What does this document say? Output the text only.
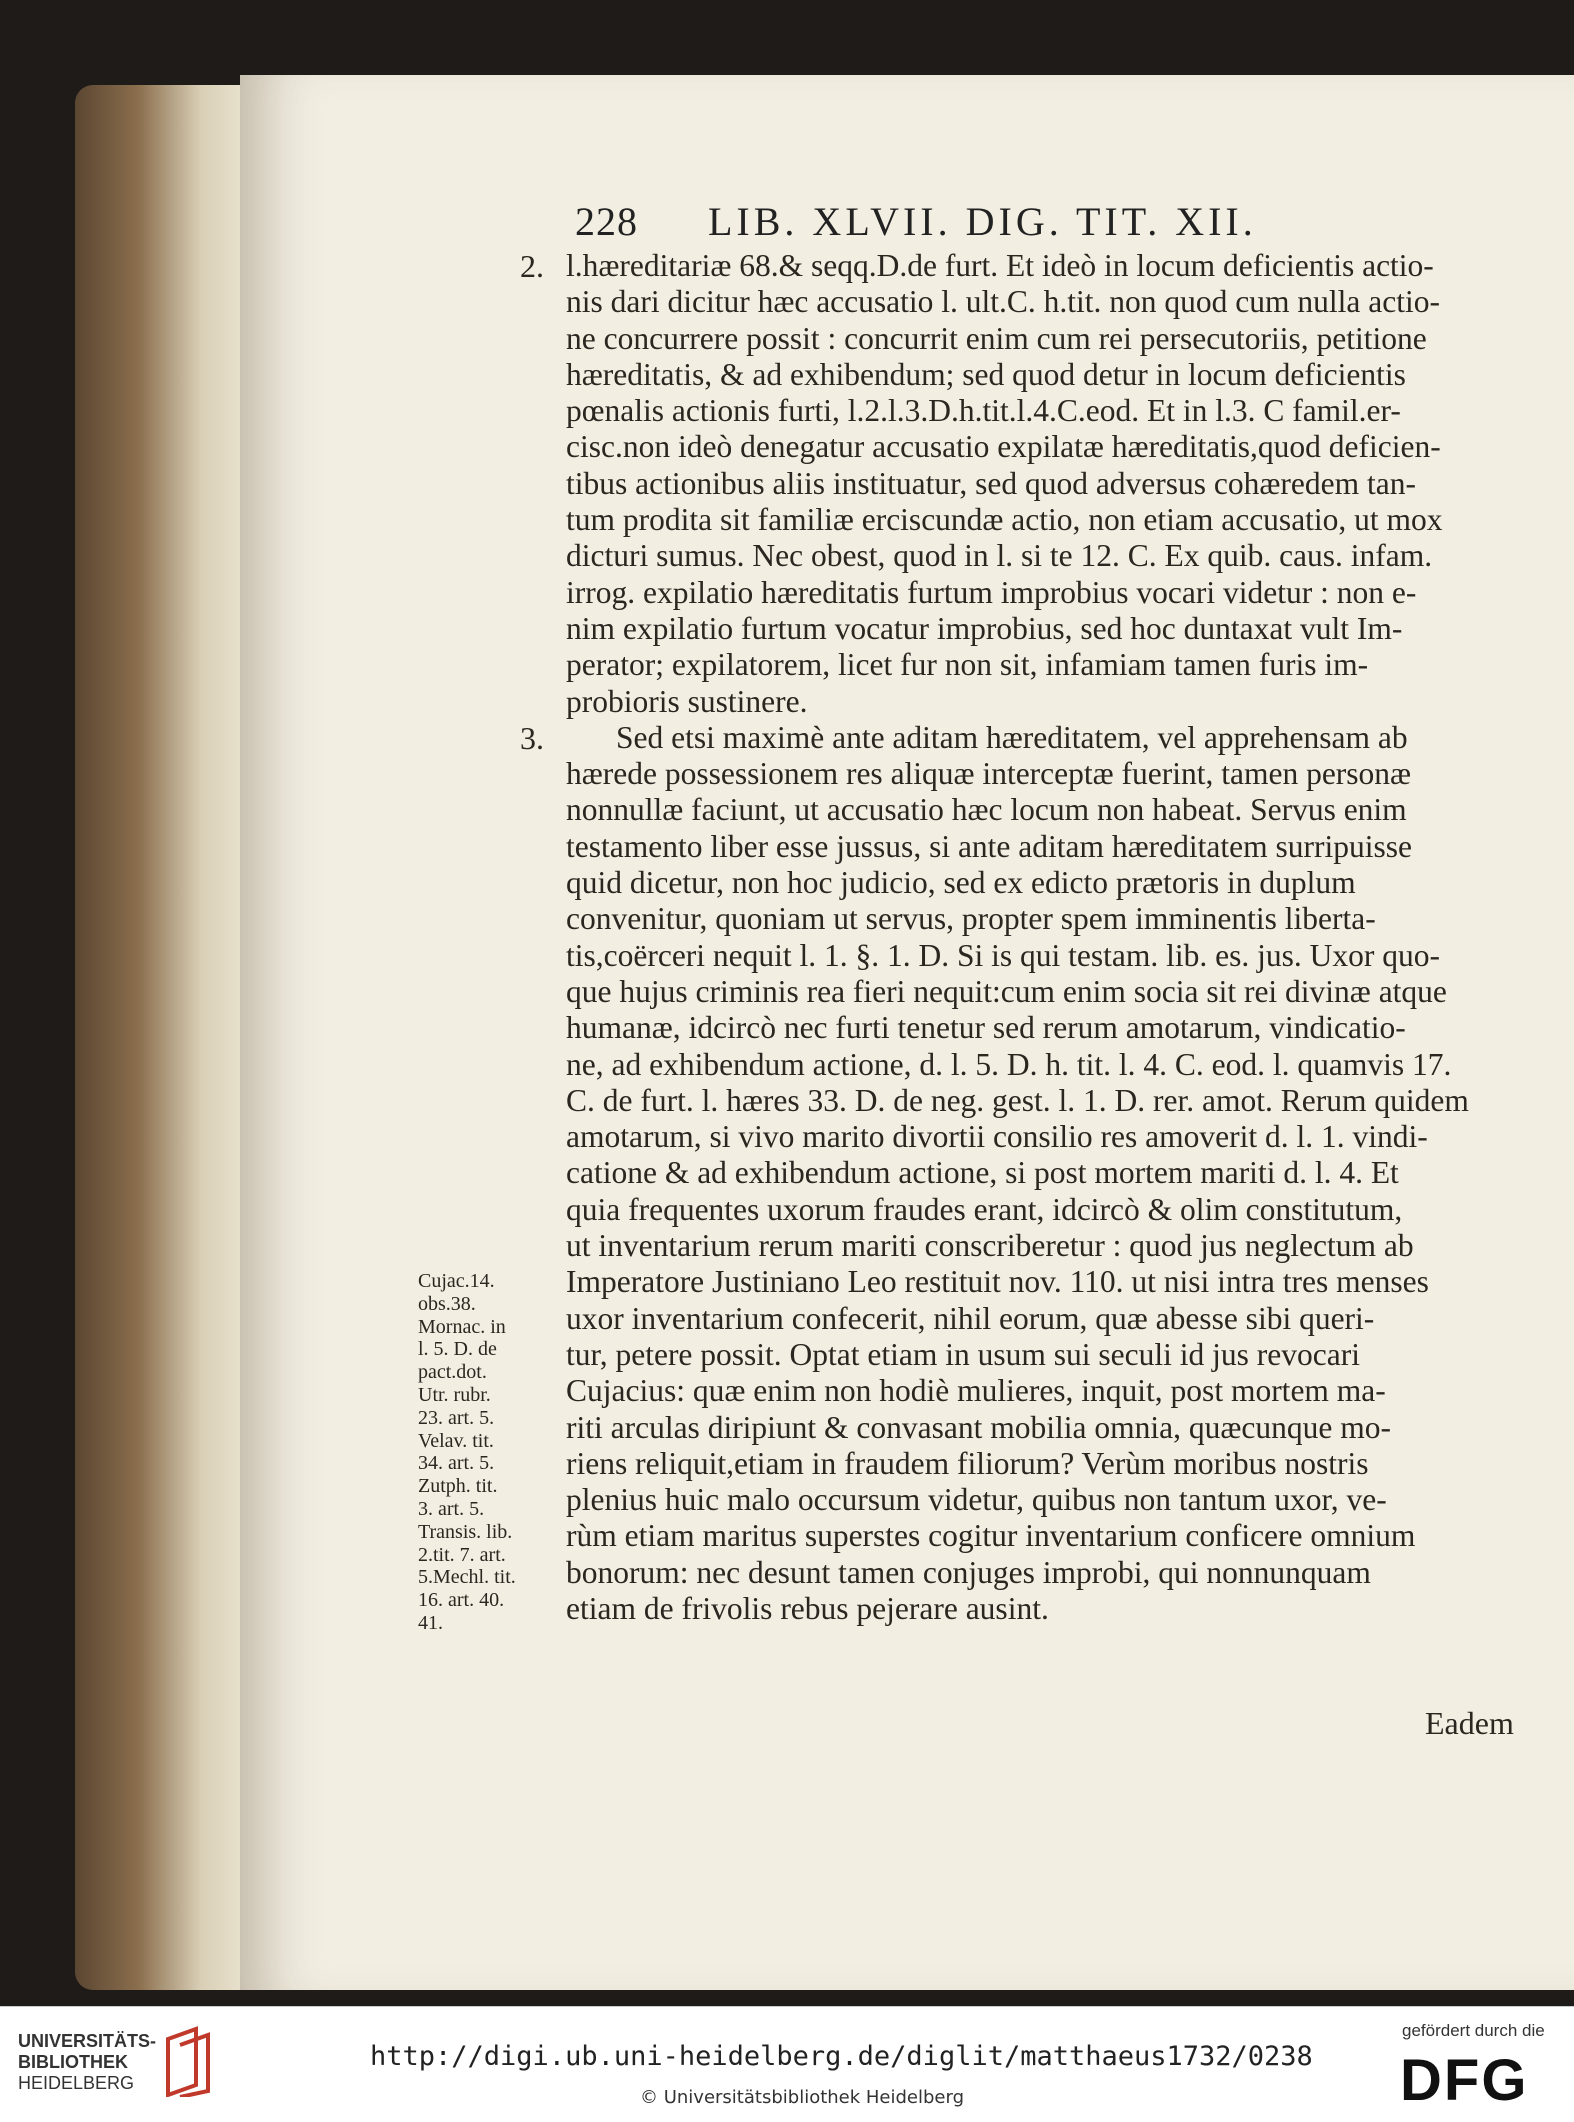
228 LIB. XLVII. DIG. TIT. XII.
2.
3.
l.hæreditariæ 68.& seqq.D.de furt. Et ideò in locum deficientis actio-
nis dari dicitur hæc accusatio l. ult.C. h.tit. non quod cum nulla actio-
ne concurrere possit : concurrit enim cum rei persecutoriis, petitione
hæreditatis, & ad exhibendum; sed quod detur in locum deficientis
pœnalis actionis furti, l.2.l.3.D.h.tit.l.4.C.eod. Et in l.3. C famil.er-
cisc.non ideò denegatur accusatio expilatæ hæreditatis,quod deficien-
tibus actionibus aliis instituatur, sed quod adversus cohæredem tan-
tum prodita sit familiæ erciscundæ actio, non etiam accusatio, ut mox
dicturi sumus. Nec obest, quod in l. si te 12. C. Ex quib. caus. infam.
irrog. expilatio hæreditatis furtum improbius vocari videtur : non e-
nim expilatio furtum vocatur improbius, sed hoc duntaxat vult Im-
perator; expilatorem, licet fur non sit, infamiam tamen furis im-
probioris sustinere.
Sed etsi maximè ante aditam hæreditatem, vel apprehensam ab
hærede possessionem res aliquæ interceptæ fuerint, tamen personæ
nonnullæ faciunt, ut accusatio hæc locum non habeat. Servus enim
testamento liber esse jussus, si ante aditam hæreditatem surripuisse
quid dicetur, non hoc judicio, sed ex edicto prætoris in duplum
convenitur, quoniam ut servus, propter spem imminentis liberta-
tis,coërceri nequit l. 1. §. 1. D. Si is qui testam. lib. es. jus. Uxor quo-
que hujus criminis rea fieri nequit:cum enim socia sit rei divinæ atque
humanæ, idcircò nec furti tenetur sed rerum amotarum, vindicatio-
ne, ad exhibendum actione, d. l. 5. D. h. tit. l. 4. C. eod. l. quamvis 17.
C. de furt. l. hæres 33. D. de neg. gest. l. 1. D. rer. amot. Rerum quidem
amotarum, si vivo marito divortii consilio res amoverit d. l. 1. vindi-
catione & ad exhibendum actione, si post mortem mariti d. l. 4. Et
quia frequentes uxorum fraudes erant, idcircò & olim constitutum,
ut inventarium rerum mariti conscriberetur : quod jus neglectum ab
Imperatore Justiniano Leo restituit nov. 110. ut nisi intra tres menses
uxor inventarium confecerit, nihil eorum, quæ abesse sibi queri-
tur, petere possit. Optat etiam in usum sui seculi id jus revocari
Cujacius: quæ enim non hodiè mulieres, inquit, post mortem ma-
riti arculas diripiunt & convasant mobilia omnia, quæcunque mo-
riens reliquit,etiam in fraudem filiorum? Verùm moribus nostris
plenius huic malo occursum videtur, quibus non tantum uxor, ve-
rùm etiam maritus superstes cogitur inventarium conficere omnium
bonorum: nec desunt tamen conjuges improbi, qui nonnunquam
etiam de frivolis rebus pejerare ausint.
Cujac.14.
obs.38.
Mornac. in
l. 5. D. de
pact.dot.
Utr. rubr.
23. art. 5.
Velav. tit.
34. art. 5.
Zutph. tit.
3. art. 5.
Transis. lib.
2.tit. 7. art.
5.Mechl. tit.
16. art. 40.
41.
Eadem
UNIVERSITÄTS-
BIBLIOTHEK
HEIDELBERG
http://digi.ub.uni-heidelberg.de/diglit/matthaeus1732/0238
© Universitätsbibliothek Heidelberg
gefördert durch die
DFG
